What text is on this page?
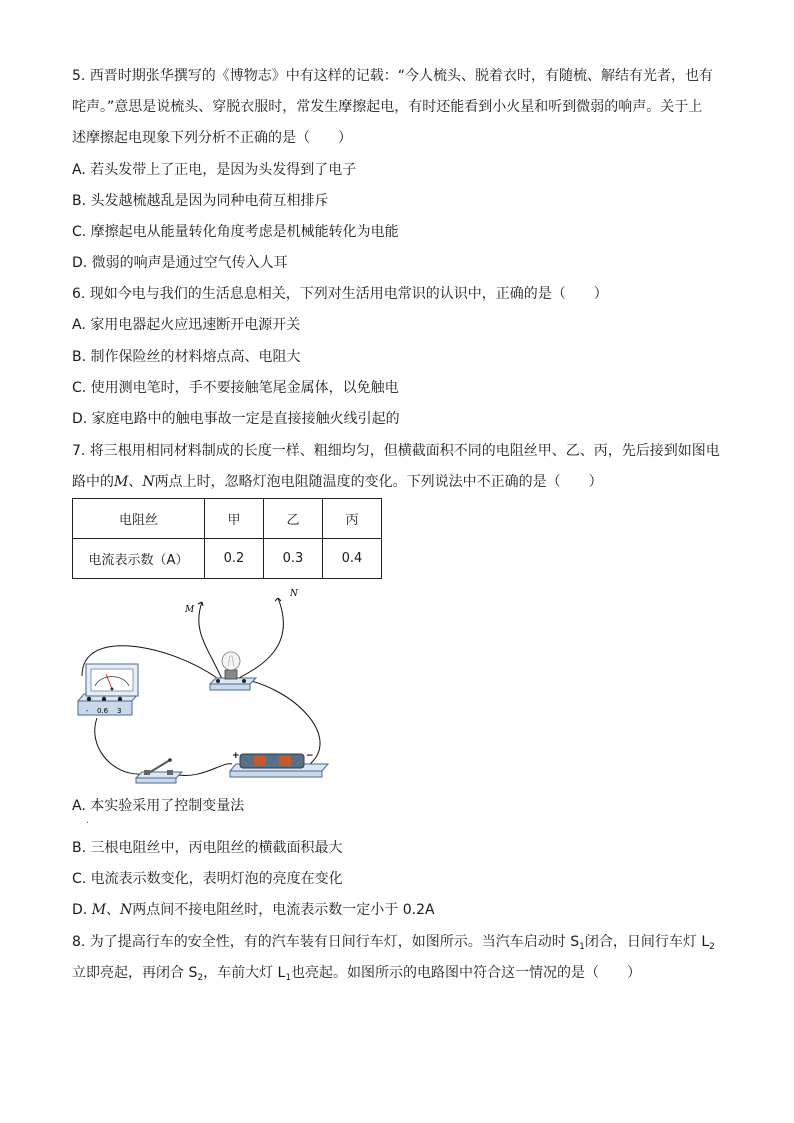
5. 西晋时期张华撰写的《博物志》中有这样的记载：“今人梳头、脱着衣时，有随梳、解结有光者，也有
咤声。”意思是说梳头、穿脱衣服时，常发生摩擦起电，有时还能看到小火星和听到微弱的响声。关于上
述摩擦起电现象下列分析不正确的是（　　）
A. 若头发带上了正电，是因为头发得到了电子
B. 头发越梳越乱是因为同种电荷互相排斥
C. 摩擦起电从能量转化角度考虑是机械能转化为电能
D. 微弱的响声是通过空气传入人耳
6. 现如今电与我们的生活息息相关，下列对生活用电常识的认识中，正确的是（　　）
A. 家用电器起火应迅速断开电源开关
B. 制作保险丝的材料熔点高、电阻大
C. 使用测电笔时，手不要接触笔尾金属体，以免触电
D. 家庭电路中的触电事故一定是直接接触火线引起的
7. 将三根用相同材料制成的长度一样、粗细均匀，但横截面积不同的电阻丝甲、乙、丙，先后接到如图电
路中的M、N两点上时，忽略灯泡电阻随温度的变化。下列说法中不正确的是（　　）
电阻丝	甲	乙	丙
电流表示数（A）	0.2	0.3	0.4
M
N
- 0.6 3
+	−
A. 本实验采用了控制变量法
·
B. 三根电阻丝中，丙电阻丝的横截面积最大
C. 电流表示数变化，表明灯泡的亮度在变化
D. M、N两点间不接电阻丝时，电流表示数一定小于 0.2A
8. 为了提高行车的安全性，有的汽车装有日间行车灯，如图所示。当汽车启动时 $S_1$闭合，日间行车灯 $L_2$
立即亮起，再闭合 $S_2$，车前大灯 $L_1$也亮起。如图所示的电路图中符合这一情况的是（　　）
